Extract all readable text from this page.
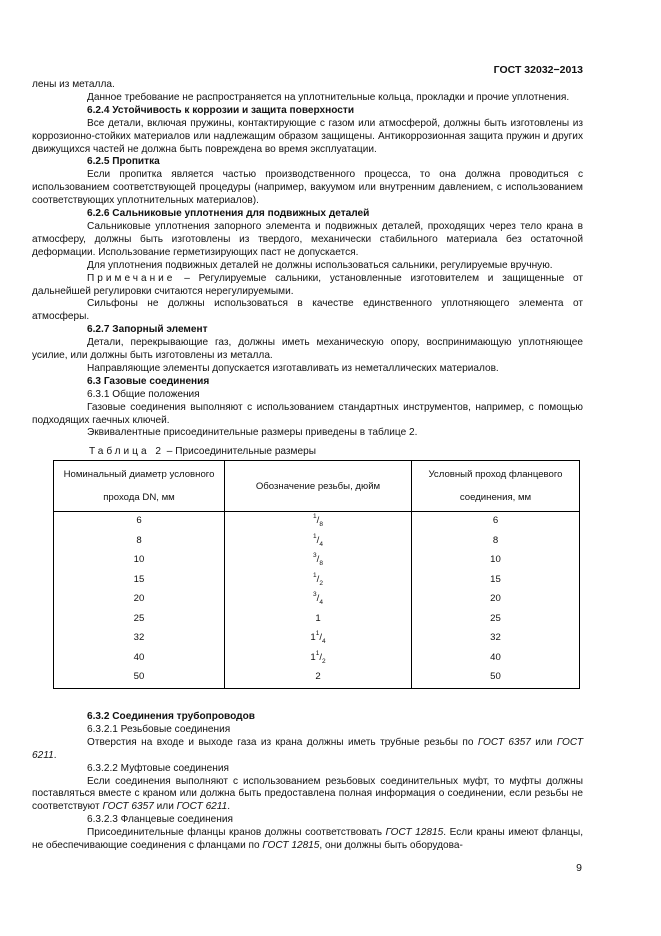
ГОСТ 32032−2013

лены из металла.

Данное требование не распространяется на уплотнительные кольца, прокладки и прочие уплотнения.

6.2.4 Устойчивость к коррозии и защита поверхности

Все детали, включая пружины, контактирующие с газом или атмосферой, должны быть изготовлены из коррозионно-стойких материалов или надлежащим образом защищены. Антикоррозионная защита пружин и других движущихся частей не должна быть повреждена во время эксплуатации.

6.2.5 Пропитка

Если пропитка является частью производственного процесса, то она должна проводиться с использованием соответствующей процедуры (например, вакуумом или внутренним давлением, с использованием соответствующих уплотнительных материалов).

6.2.6 Сальниковые уплотнения для подвижных деталей

Сальниковые уплотнения запорного элемента и подвижных деталей, проходящих через тело крана в атмосферу, должны быть изготовлены из твердого, механически стабильного материала без остаточной деформации. Использование герметизирующих паст не допускается.

Для уплотнения подвижных деталей не должны использоваться сальники, регулируемые вручную.

Примечание – Регулируемые сальники, установленные изготовителем и защищенные от дальнейшей регулировки считаются нерегулируемыми.

Сильфоны не должны использоваться в качестве единственного уплотняющего элемента от атмосферы.

6.2.7 Запорный элемент

Детали, перекрывающие газ, должны иметь механическую опору, воспринимающую уплотняющее усилие, или должны быть изготовлены из металла.

Направляющие элементы допускается изготавливать из неметаллических материалов.

6.3 Газовые соединения

6.3.1 Общие положения

Газовые соединения выполняют с использованием стандартных инструментов, например, с помощью подходящих гаечных ключей.

Эквивалентные присоединительные размеры приведены в таблице 2.

Таблица 2 – Присоединительные размеры
Номинальный диаметр условного прохода DN, мм	Обозначение резьбы, дюйм	Условный проход фланцевого соединения, мм
6	$^1/_8$	6
8	$^1/_4$	8
10	$^3/_8$	10
15	$^1/_2$	15
20	$^3/_4$	20
25	1	25
32	$1^1/_4$	32
40	$1^1/_2$	40
50	2	50

6.3.2 Соединения трубопроводов

6.3.2.1 Резьбовые соединения

Отверстия на входе и выходе газа из крана должны иметь трубные резьбы по ГОСТ 6357 или ГОСТ 6211.

6.3.2.2 Муфтовые соединения

Если соединения выполняют с использованием резьбовых соединительных муфт, то муфты должны поставляться вместе с краном или должна быть предоставлена полная информация о соединении, если резьбы не соответствуют ГОСТ 6357 или ГОСТ 6211.

6.3.2.3 Фланцевые соединения

Присоединительные фланцы кранов должны соответствовать ГОСТ 12815. Если краны имеют фланцы, не обеспечивающие соединения с фланцами по ГОСТ 12815, они должны быть оборудова-

9
